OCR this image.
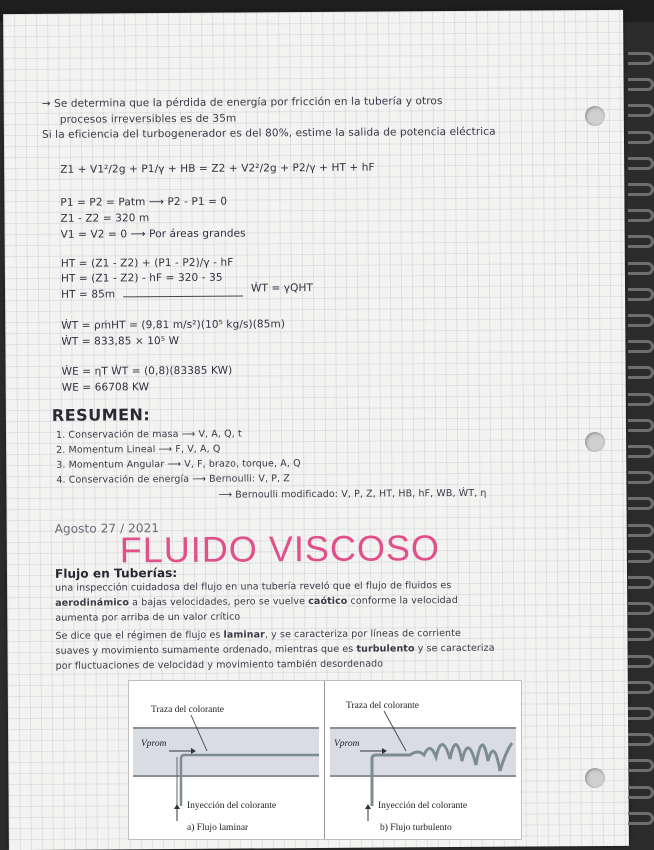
→ Se determina que la pérdida de energía por fricción en la tubería y otros
procesos irreversibles es de 35m
Si la eficiencia del turbogenerador es del 80%, estime la salida de potencia eléctrica
Z1 + V1²/2g + P1/γ + HB = Z2 + V2²/2g + P2/γ + HT + hF
P1 = P2 = Patm ⟶ P2 - P1 = 0
Z1 - Z2 = 320 m
V1 = V2 = 0 ⟶ Por áreas grandes
HT = (Z1 - Z2) + (P1 - P2)/γ - hF
HT = (Z1 - Z2) - hF = 320 - 35
HT = 85m
ẆT = γQHT
ẆT = ρṁHT = (9,81 m/s²)(10⁵ kg/s)(85m)
ẆT = 833,85 × 10⁵ W
ẆE = ηT ẆT = (0,8)(83385 KW)
WE = 66708 KW
RESUMEN:
1. Conservación de masa ⟶ V, A, Q, t
2. Momentum Lineal ⟶ F, V, A, Q
3. Momentum Angular ⟶ V, F, brazo, torque, A, Q
4. Conservación de energía ⟶ Bernoulli: V, P, Z
⟶ Bernoulli modificado: V, P, Z, HT, HB, hF, WB, ẆT, η
Agosto 27 / 2021
FLUIDO VISCOSO
Flujo en Tuberías:
una inspección cuidadosa del flujo en una tubería reveló que el flujo de fluidos es
aerodinámico a bajas velocidades, pero se vuelve caótico conforme la velocidad
aumenta por arriba de un valor crítico
Se dice que el régimen de flujo es laminar, y se caracteriza por líneas de corriente
suaves y movimiento sumamente ordenado, mientras que es turbulento y se caracteriza
por fluctuaciones de velocidad y movimiento también desordenado
Traza del colorante
Vprom
Inyección del colorante
a) Flujo laminar
Traza del colorante
Vprom
Inyección del colorante
b) Flujo turbulento
